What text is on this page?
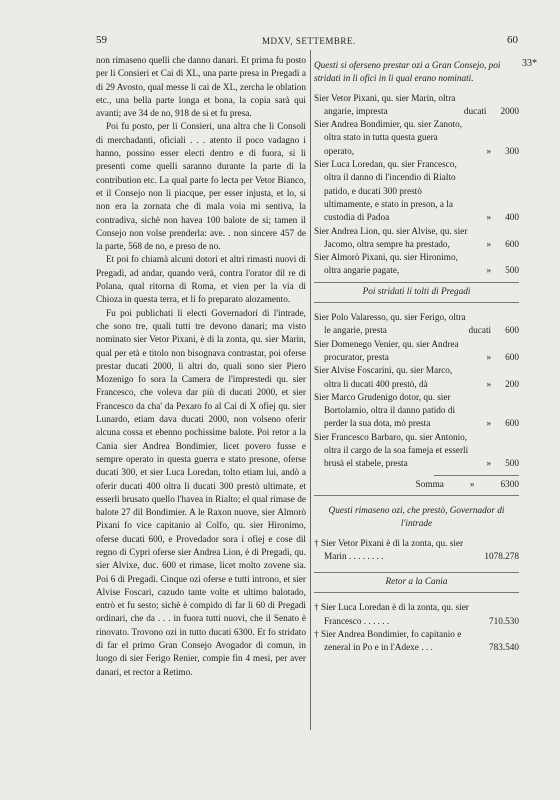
59	MDXV, SETTEMBRE.	60
33*

non rimaseno quelli che danno danari. Et prima fu posto per li Consieri et Cai di XL, una parte presa in Pregadi a di 29 Avosto, qual messe li cai de XL, zercha le oblation etc., una bella parte longa et bona, la copia sarà qui avanti; ave 34 de no, 918 de si et fu presa.

Poi fu posto, per li Consieri, una altra che li Consoli di merchadanti, oficiali . . . atento il poco vadagno i hanno, possino esser electi dentro e di fuora, sì li presenti come quelli saranno durante la parte di la contribution etc. La qual parte fo lecta per Vetor Bianco, et il Consejo non li piacque, per esser injusta, et lo, si non era la zornata che di mala voia mi sentiva, la contradiva, sichè non havea 100 balote de si; tamen il Consejo non volse prenderla: ave. . non sincere 457 de la parte, 568 de no, e preso de no.

Et poi fo chiamà alcuni dotori et altri rimasti nuovi di Pregadi, ad andar, quando verà, contra l'orator dil re di Polana, qual ritorna di Roma, et vien per la via di Chioza in questa terra, et li fo preparato alozamento.

Fu poi publichati li electi Governadori di l'intrade, che sono tre, quali tutti tre devono danari; ma visto nominato sier Vetor Pixani, è di la zonta, qu. sier Marin, qual per età e titolo non bisognava contrastar, poi oferse prestar ducati 2000, li altri do, quali sono sier Piero Mozenigo fo sora la Camera de l'imprestedi qu. sier Francesco, che voleva dar più di ducati 2000, et sier Francesco da cha' da Pexaro fo al Cai di X ofiej qu. sier Lunardo, etiam dava ducati 2000, non volseno oferir alcuna cossa et ebenno pochissime balote. Poi retor a la Cania sier Andrea Bondimier, licet povero fusse e sempre operato in questa guerra e stato presone, oferse ducati 300, et sier Luca Loredan, tolto etiam lui, andò a oferir ducati 400 oltra li ducati 300 prestò ultimate, et esserli brusato quello l'havea in Rialto; el qual rimase de balote 27 dil Bondimier. A le Raxon nuove, sier Almorò Pixani fo vice capitanio al Colfo, qu. sier Hironimo, oferse ducati 600, e Provedador sora i ofiej e cose dil regno di Cypri oferse sier Andrea Lion, è di Pregadi, qu. sier Alvixe, duc. 600 et rimase, licet molto zovene sia. Poi 6 di Pregadi. Cinque ozi oferse e tutti introno, et sier Alvise Foscari, cazudo tante volte et ultimo balotado, entrò et fu sesto; sichè è compido di far li 60 di Pregadi ordinari, che da . . . in fuora tutti nuovi, che il Senato è rinovato. Trovono ozi in tutto ducati 6300. Et fo stridato di far el primo Gran Consejo Avogador di comun, in luogo di sier Ferigo Renier, compie fin 4 mesi, per aver danari, et rector a Retimo.

Questi si oferseno prestar ozi a Gran Consejo, poi stridati in li ofici in li qual erano nominati.
Sier Vetor Pixani, qu. sier Marin, oltra angarie, impresta	ducati 2000
Sier Andrea Bondimier, qu. sier Zanoto, oltra stato in tutta questa guera operato,	» 300
Sier Luca Loredan, qu. sier Francesco, oltra il danno di l'incendio di Rialto patido, e ducati 300 prestò ultimamente, e stato in preson, a la custodia di Padoa	» 400
Sier Andrea Lion, qu. sier Alvise, qu. sier Jacomo, oltra sempre ha prestado,	» 600
Sier Almorò Pixani, qu. sier Hironimo, oltra angarie pagate,	» 500
Poi stridati li tolti di Pregadi
Sier Polo Valaresso, qu. sier Ferigo, oltra le angarie, presta	ducati 600
Sier Domenego Venier, qu. sier Andrea procurator, presta	» 600
Sier Alvise Foscarini, qu. sier Marco, oltra li ducati 400 prestò, dà	» 200
Sier Marco Grudenigo dotor, qu. sier Bortolamio, oltra il danno patido di perder la sua dota, mò presta	» 600
Sier Francesco Barbaro, qu. sier Antonio, oltra il cargo de la soa fameja et esserli brusà el stabele, presta	» 500
Somma	»	6300
Questi rimaseno ozi, che prestò, Governador di l'intrade
† Sier Vetor Pixani è di la zonta, qu. sier Marin . . . . . . . .	1078.278
Retor a la Cania
† Sier Luca Loredan è di la zonta, qu. sier Francesco . . . . . .	710.530
† Sier Andrea Bondimier, fo capitanio e zeneral in Po e in l'Adexe . . .	783.540
